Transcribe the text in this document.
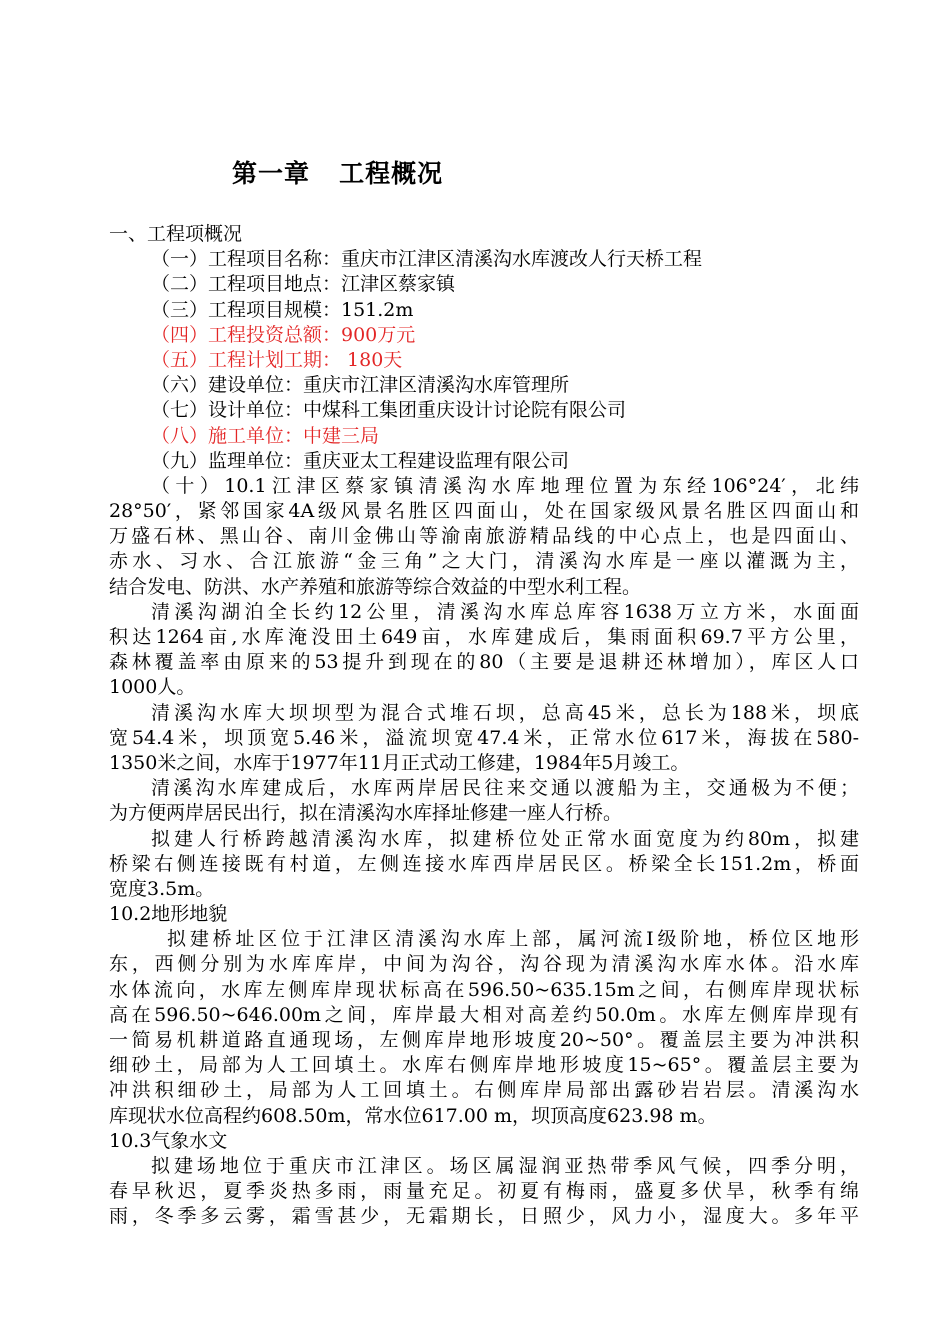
第一章   工程概况
一、工程项概况
（一）工程项目名称：重庆市江津区清溪沟水库渡改人行天桥工程
（二）工程项目地点：江津区蔡家镇
（三）工程项目规模：151.2m
（四）工程投资总额：900万元
（五）工程计划工期： 180天
（六）建设单位：重庆市江津区清溪沟水库管理所
（七）设计单位：中煤科工集团重庆设计讨论院有限公司
（八）施工单位：中建三局
（九）监理单位：重庆亚太工程建设监理有限公司
（十）10.1江津区蔡家镇清溪沟水库地理位置为东经106°24′，北纬
28°50′，紧邻国家4A级风景名胜区四面山，处在国家级风景名胜区四面山和
万盛石林、黑山谷、南川金佛山等渝南旅游精品线的中心点上，也是四面山、
赤水、习水、合江旅游“金三角”之大门，清溪沟水库是一座以灌溉为主，
结合发电、防洪、水产养殖和旅游等综合效益的中型水利工程。
清溪沟湖泊全长约12公里，清溪沟水库总库容1638万立方米，水面面
积达1264亩,水库淹没田土649亩，水库建成后，集雨面积69.7平方公里，
森林覆盖率由原来的53提升到现在的80（主要是退耕还林增加），库区人口
1000人。
清溪沟水库大坝坝型为混合式堆石坝，总高45米，总长为188米，坝底
宽54.4米，坝顶宽5.46米，溢流坝宽47.4米，正常水位617米，海拔在580-
1350米之间，水库于1977年11月正式动工修建，1984年5月竣工。
清溪沟水库建成后，水库两岸居民往来交通以渡船为主，交通极为不便；
为方便两岸居民出行，拟在清溪沟水库择址修建一座人行桥。
拟建人行桥跨越清溪沟水库，拟建桥位处正常水面宽度为约80m，拟建
桥梁右侧连接既有村道，左侧连接水库西岸居民区。桥梁全长151.2m，桥面
宽度3.5m。
10.2地形地貌
拟建桥址区位于江津区清溪沟水库上部，属河流Ⅰ级阶地，桥位区地形
东，西侧分别为水库库岸，中间为沟谷，沟谷现为清溪沟水库水体。沿水库
水体流向，水库左侧库岸现状标高在596.50~635.15m之间，右侧库岸现状标
高在596.50~646.00m之间，库岸最大相对高差约50.0m。水库左侧库岸现有
一简易机耕道路直通现场，左侧库岸地形坡度20~50°。覆盖层主要为冲洪积
细砂土，局部为人工回填土。水库右侧库岸地形坡度15~65°。覆盖层主要为
冲洪积细砂土，局部为人工回填土。右侧库岸局部出露砂岩岩层。清溪沟水
库现状水位高程约608.50m，常水位617.00 m，坝顶高度623.98 m。
10.3气象水文
拟建场地位于重庆市江津区。场区属湿润亚热带季风气候，四季分明，
春早秋迟，夏季炎热多雨，雨量充足。初夏有梅雨，盛夏多伏旱，秋季有绵
雨，冬季多云雾，霜雪甚少，无霜期长，日照少，风力小，湿度大。多年平
